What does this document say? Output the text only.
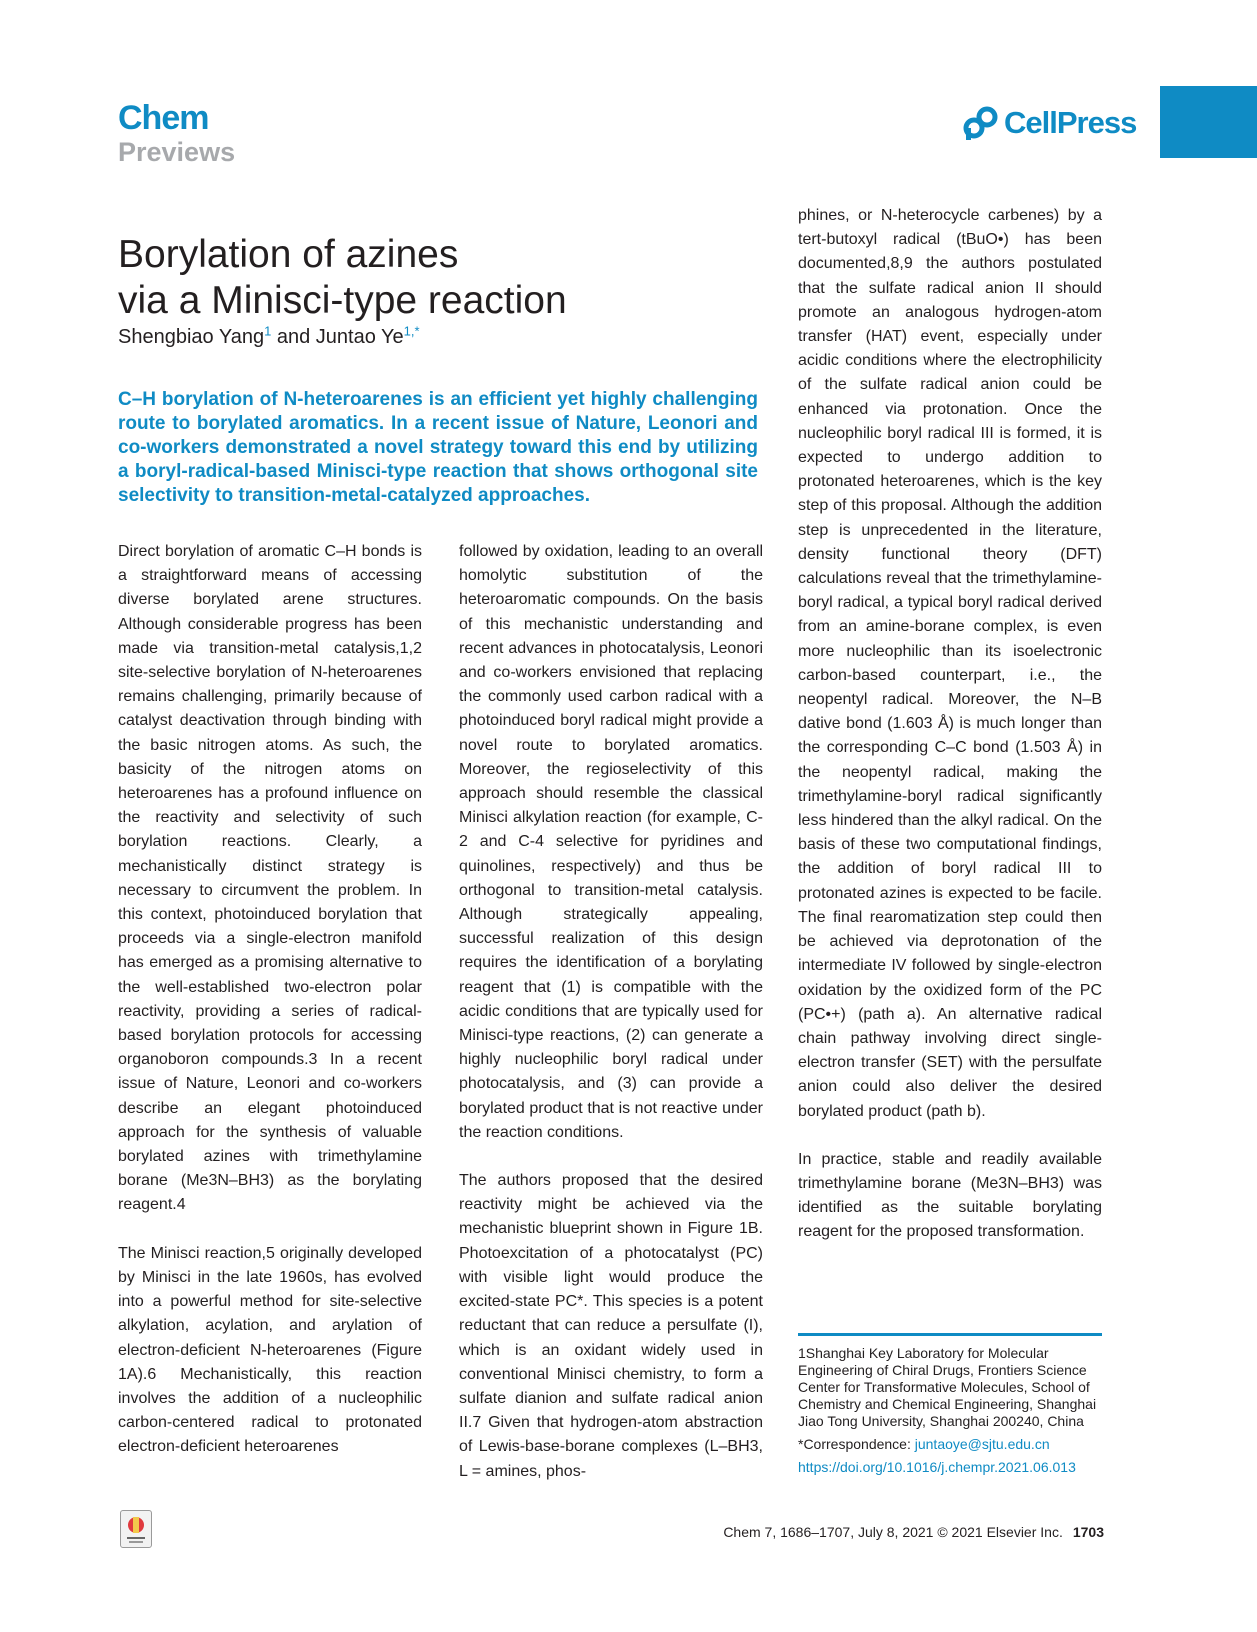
Chem
Previews
CellPress
Borylation of azines
via a Minisci-type reaction
Shengbiao Yang$^1$ and Juntao $Ye^{1,*}$
C–H borylation of N-heteroarenes is an efficient yet highly challenging route to borylated aromatics. In a recent issue of Nature, Leonori and co-workers demonstrated a novel strategy toward this end by utilizing a boryl-radical-based Minisci-type reaction that shows orthogonal site selectivity to transition-metal-catalyzed approaches.

Direct borylation of aromatic C–H bonds is a straightforward means of accessing diverse borylated arene structures. Although considerable progress has been made via transition-metal catalysis,1,2 site-selective borylation of N-heteroarenes remains challenging, primarily because of catalyst deactivation through binding with the basic nitrogen atoms. As such, the basicity of the nitrogen atoms on heteroarenes has a profound influence on the reactivity and selectivity of such borylation reactions. Clearly, a mechanistically distinct strategy is necessary to circumvent the problem. In this context, photoinduced borylation that proceeds via a single-electron manifold has emerged as a promising alternative to the well-established two-electron polar reactivity, providing a series of radical-based borylation protocols for accessing organoboron compounds.3 In a recent issue of Nature, Leonori and co-workers describe an elegant photoinduced approach for the synthesis of valuable borylated azines with trimethylamine borane (Me3N–BH3) as the borylating reagent.4

The Minisci reaction,5 originally developed by Minisci in the late 1960s, has evolved into a powerful method for site-selective alkylation, acylation, and arylation of electron-deficient N-heteroarenes (Figure 1A).6 Mechanistically, this reaction involves the addition of a nucleophilic carbon-centered radical to protonated electron-deficient heteroarenes

followed by oxidation, leading to an overall homolytic substitution of the heteroaromatic compounds. On the basis of this mechanistic understanding and recent advances in photocatalysis, Leonori and co-workers envisioned that replacing the commonly used carbon radical with a photoinduced boryl radical might provide a novel route to borylated aromatics. Moreover, the regioselectivity of this approach should resemble the classical Minisci alkylation reaction (for example, C-2 and C-4 selective for pyridines and quinolines, respectively) and thus be orthogonal to transition-metal catalysis. Although strategically appealing, successful realization of this design requires the identification of a borylating reagent that (1) is compatible with the acidic conditions that are typically used for Minisci-type reactions, (2) can generate a highly nucleophilic boryl radical under photocatalysis, and (3) can provide a borylated product that is not reactive under the reaction conditions.

The authors proposed that the desired reactivity might be achieved via the mechanistic blueprint shown in Figure 1B. Photoexcitation of a photocatalyst (PC) with visible light would produce the excited-state PC*. This species is a potent reductant that can reduce a persulfate (I), which is an oxidant widely used in conventional Minisci chemistry, to form a sulfate dianion and sulfate radical anion II.7 Given that hydrogen-atom abstraction of Lewis-base-borane complexes (L–BH3, L = amines, phos-

phines, or N-heterocycle carbenes) by a tert-butoxyl radical (tBuO•) has been documented,8,9 the authors postulated that the sulfate radical anion II should promote an analogous hydrogen-atom transfer (HAT) event, especially under acidic conditions where the electrophilicity of the sulfate radical anion could be enhanced via protonation. Once the nucleophilic boryl radical III is formed, it is expected to undergo addition to protonated heteroarenes, which is the key step of this proposal. Although the addition step is unprecedented in the literature, density functional theory (DFT) calculations reveal that the trimethylamine-boryl radical, a typical boryl radical derived from an amine-borane complex, is even more nucleophilic than its isoelectronic carbon-based counterpart, i.e., the neopentyl radical. Moreover, the N–B dative bond (1.603 Å) is much longer than the corresponding C–C bond (1.503 Å) in the neopentyl radical, making the trimethylamine-boryl radical significantly less hindered than the alkyl radical. On the basis of these two computational findings, the addition of boryl radical III to protonated azines is expected to be facile. The final rearomatization step could then be achieved via deprotonation of the intermediate IV followed by single-electron oxidation by the oxidized form of the PC (PC•+) (path a). An alternative radical chain pathway involving direct single-electron transfer (SET) with the persulfate anion could also deliver the desired borylated product (path b).

In practice, stable and readily available trimethylamine borane (Me3N–BH3) was identified as the suitable borylating reagent for the proposed transformation.

1Shanghai Key Laboratory for Molecular Engineering of Chiral Drugs, Frontiers Science Center for Transformative Molecules, School of Chemistry and Chemical Engineering, Shanghai Jiao Tong University, Shanghai 200240, China

*Correspondence: juntaoye@sjtu.edu.cn

https://doi.org/10.1016/j.chempr.2021.06.013

Chem 7, 1686–1707, July 8, 2021 © 2021 Elsevier Inc. 1703
